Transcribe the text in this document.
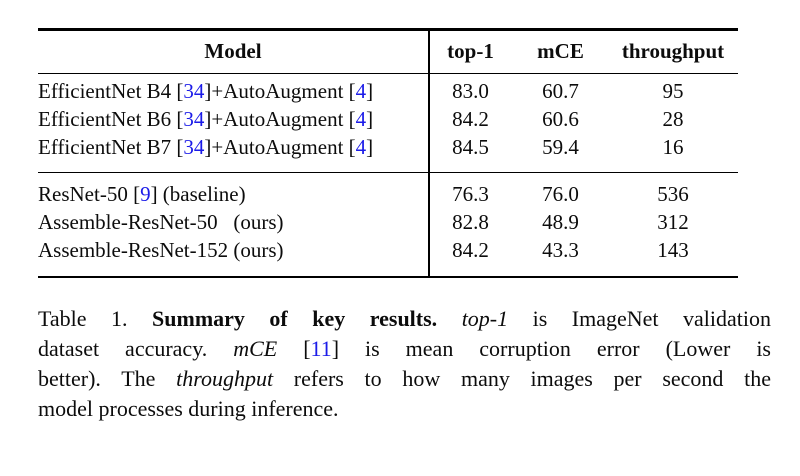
Model	top-1	mCE	throughput
EfficientNet B4 [34]+AutoAugment [4]	83.0	60.7	95
EfficientNet B6 [34]+AutoAugment [4]	84.2	60.6	28
EfficientNet B7 [34]+AutoAugment [4]	84.5	59.4	16
ResNet-50 [9] (baseline)	76.3	76.0	536
Assemble-ResNet-50   (ours)	82.8	48.9	312
Assemble-ResNet-152 (ours)	84.2	43.3	143
Table 1. Summary of key results. top-1 is ImageNet validation
dataset accuracy. mCE [11] is mean corruption error (Lower is
better). The throughput refers to how many images per second the
model processes during inference.
